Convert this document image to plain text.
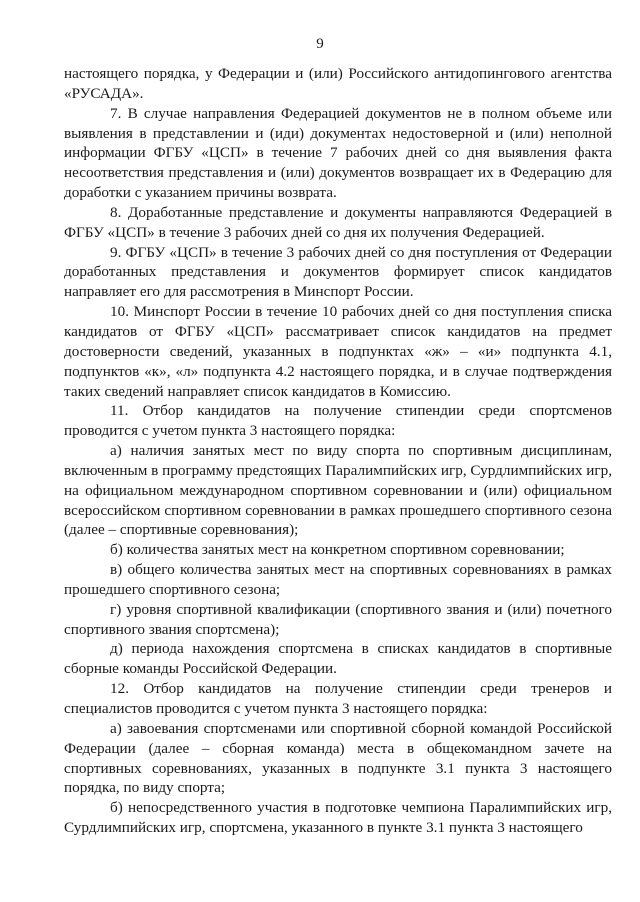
9

настоящего порядка, у Федерации и (или) Российского антидопингового агентства «РУСАДА».

7. В случае направления Федерацией документов не в полном объеме или выявления в представлении и (иди) документах недостоверной и (или) неполной информации ФГБУ «ЦСП» в течение 7 рабочих дней со дня выявления факта несоответствия представления и (или) документов возвращает их в Федерацию для доработки с указанием причины возврата.

8. Доработанные представление и документы направляются Федерацией в ФГБУ «ЦСП» в течение 3 рабочих дней со дня их получения Федерацией.

9. ФГБУ «ЦСП» в течение 3 рабочих дней со дня поступления от Федерации доработанных представления и документов формирует список кандидатов направляет его для рассмотрения в Минспорт России.

10. Минспорт России в течение 10 рабочих дней со дня поступления списка кандидатов от ФГБУ «ЦСП» рассматривает список кандидатов на предмет достоверности сведений, указанных в подпунктах «ж» – «и» подпункта 4.1, подпунктов «к», «л» подпункта 4.2 настоящего порядка, и в случае подтверждения таких сведений направляет список кандидатов в Комиссию.

11. Отбор кандидатов на получение стипендии среди спортсменов проводится с учетом пункта 3 настоящего порядка:

а) наличия занятых мест по виду спорта по спортивным дисциплинам, включенным в программу предстоящих Паралимпийских игр, Сурдлимпийских игр, на официальном международном спортивном соревновании и (или) официальном всероссийском спортивном соревновании в рамках прошедшего спортивного сезона (далее – спортивные соревнования);

б) количества занятых мест на конкретном спортивном соревновании;

в) общего количества занятых мест на спортивных соревнованиях в рамках прошедшего спортивного сезона;

г) уровня спортивной квалификации (спортивного звания и (или) почетного спортивного звания спортсмена);

д) периода нахождения спортсмена в списках кандидатов в спортивные сборные команды Российской Федерации.

12. Отбор кандидатов на получение стипендии среди тренеров и специалистов проводится с учетом пункта 3 настоящего порядка:

а) завоевания спортсменами или спортивной сборной командой Российской Федерации (далее – сборная команда) места в общекомандном зачете на спортивных соревнованиях, указанных в подпункте 3.1 пункта 3 настоящего порядка, по виду спорта;

б) непосредственного участия в подготовке чемпиона Паралимпийских игр, Сурдлимпийских игр, спортсмена, указанного в пункте 3.1 пункта 3 настоящего
